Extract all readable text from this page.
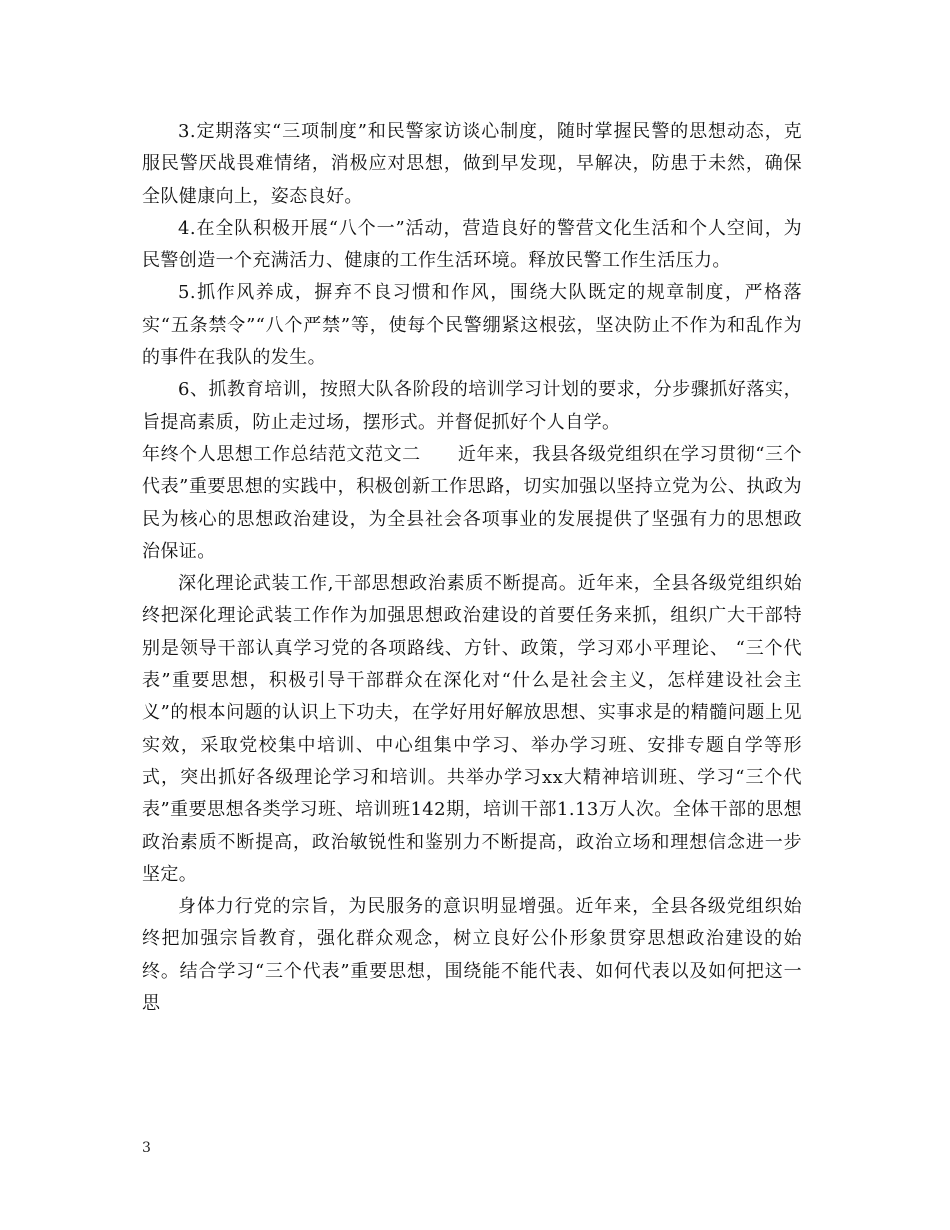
3.定期落实“三项制度”和民警家访谈心制度，随时掌握民警的思想动态，克服民警厌战畏难情绪，消极应对思想，做到早发现，早解决，防患于未然，确保全队健康向上，姿态良好。

4.在全队积极开展“八个一”活动，营造良好的警营文化生活和个人空间，为民警创造一个充满活力、健康的工作生活环境。释放民警工作生活压力。

5.抓作风养成，摒弃不良习惯和作风，围绕大队既定的规章制度，严格落实“五条禁令”“八个严禁”等，使每个民警绷紧这根弦，坚决防止不作为和乱作为的事件在我队的发生。

6、抓教育培训，按照大队各阶段的培训学习计划的要求，分步骤抓好落实，旨提高素质，防止走过场，摆形式。并督促抓好个人自学。

年终个人思想工作总结范文范文二　　近年来，我县各级党组织在学习贯彻“三个代表”重要思想的实践中，积极创新工作思路，切实加强以坚持立党为公、执政为民为核心的思想政治建设，为全县社会各项事业的发展提供了坚强有力的思想政治保证。

深化理论武装工作,干部思想政治素质不断提高。近年来，全县各级党组织始终把深化理论武装工作作为加强思想政治建设的首要任务来抓，组织广大干部特别是领导干部认真学习党的各项路线、方针、政策，学习邓小平理论、 “三个代表”重要思想，积极引导干部群众在深化对“什么是社会主义，怎样建设社会主义”的根本问题的认识上下功夫，在学好用好解放思想、实事求是的精髓问题上见实效，采取党校集中培训、中心组集中学习、举办学习班、安排专题自学等形式，突出抓好各级理论学习和培训。共举办学习xx大精神培训班、学习“三个代表”重要思想各类学习班、培训班142期，培训干部1.13万人次。全体干部的思想政治素质不断提高，政治敏锐性和鉴别力不断提高，政治立场和理想信念进一步坚定。

身体力行党的宗旨，为民服务的意识明显增强。近年来，全县各级党组织始终把加强宗旨教育，强化群众观念，树立良好公仆形象贯穿思想政治建设的始终。结合学习“三个代表”重要思想，围绕能不能代表、如何代表以及如何把这一思

3
